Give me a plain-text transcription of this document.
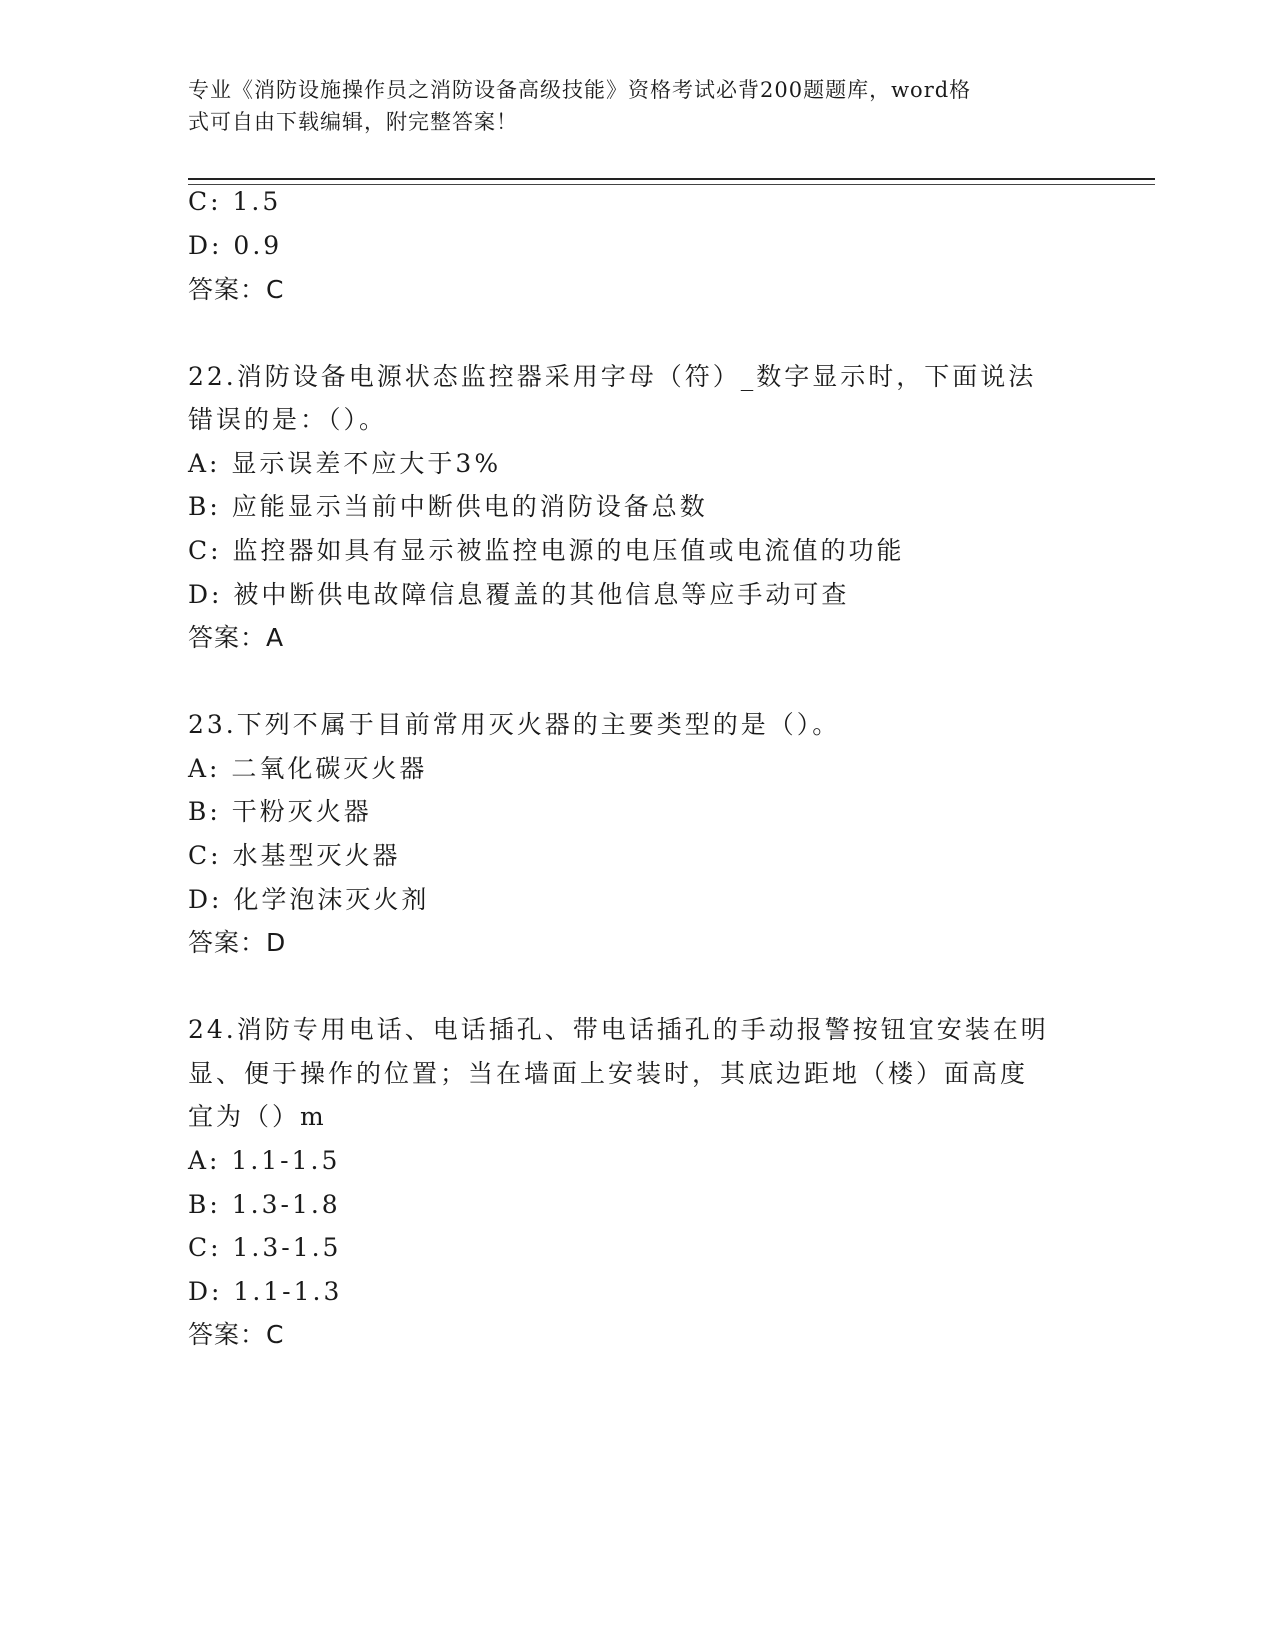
专业《消防设施操作员之消防设备高级技能》资格考试必背200题题库，word格
式可自由下载编辑，附完整答案！
C: 1.5
D: 0.9
答案：C
22.消防设备电源状态监控器采用字母（符）_数字显示时，下面说法
错误的是：（）。
A: 显示误差不应大于3%
B: 应能显示当前中断供电的消防设备总数
C: 监控器如具有显示被监控电源的电压值或电流值的功能
D: 被中断供电故障信息覆盖的其他信息等应手动可查
答案：A
23.下列不属于目前常用灭火器的主要类型的是（）。
A: 二氧化碳灭火器
B: 干粉灭火器
C: 水基型灭火器
D: 化学泡沫灭火剂
答案：D
24.消防专用电话、电话插孔、带电话插孔的手动报警按钮宜安装在明
显、便于操作的位置；当在墙面上安装时，其底边距地（楼）面高度
宜为（）m
A: 1.1-1.5
B: 1.3-1.8
C: 1.3-1.5
D: 1.1-1.3
答案：C
